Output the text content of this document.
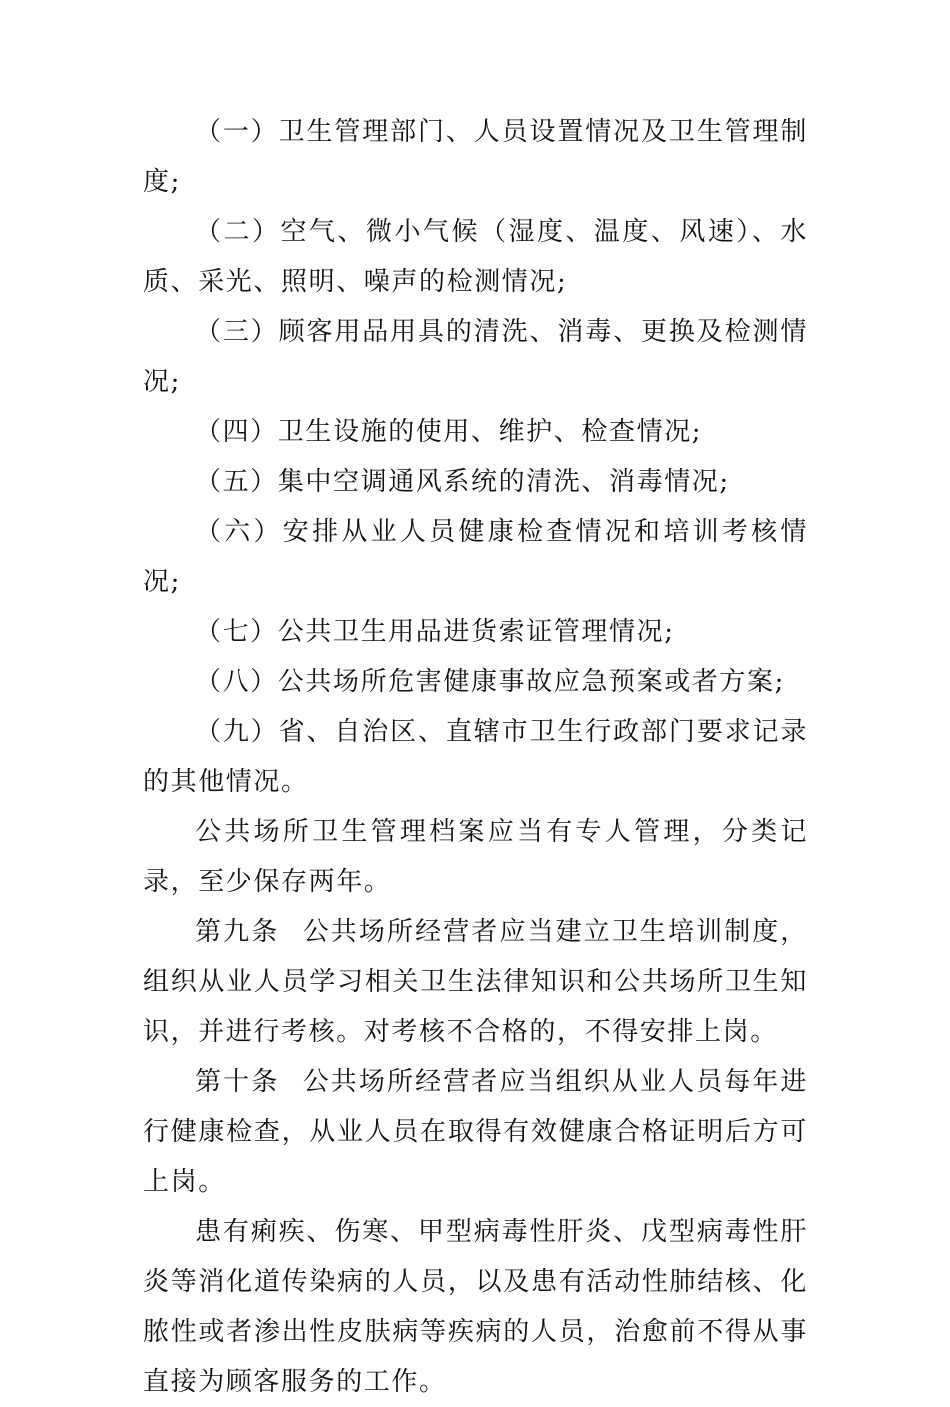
（一）卫生管理部门、人员设置情况及卫生管理制度;

（二）空气、微小气候（湿度、温度、风速）、水质、采光、照明、噪声的检测情况;

（三）顾客用品用具的清洗、消毒、更换及检测情况;

（四）卫生设施的使用、维护、检查情况;

（五）集中空调通风系统的清洗、消毒情况;

（六）安排从业人员健康检查情况和培训考核情况;

（七）公共卫生用品进货索证管理情况;

（八）公共场所危害健康事故应急预案或者方案;

（九）省、自治区、直辖市卫生行政部门要求记录的其他情况。

公共场所卫生管理档案应当有专人管理，分类记录，至少保存两年。

第九条 公共场所经营者应当建立卫生培训制度，组织从业人员学习相关卫生法律知识和公共场所卫生知识，并进行考核。对考核不合格的，不得安排上岗。

第十条 公共场所经营者应当组织从业人员每年进行健康检查，从业人员在取得有效健康合格证明后方可上岗。

患有痢疾、伤寒、甲型病毒性肝炎、戊型病毒性肝炎等消化道传染病的人员，以及患有活动性肺结核、化脓性或者渗出性皮肤病等疾病的人员，治愈前不得从事直接为顾客服务的工作。
